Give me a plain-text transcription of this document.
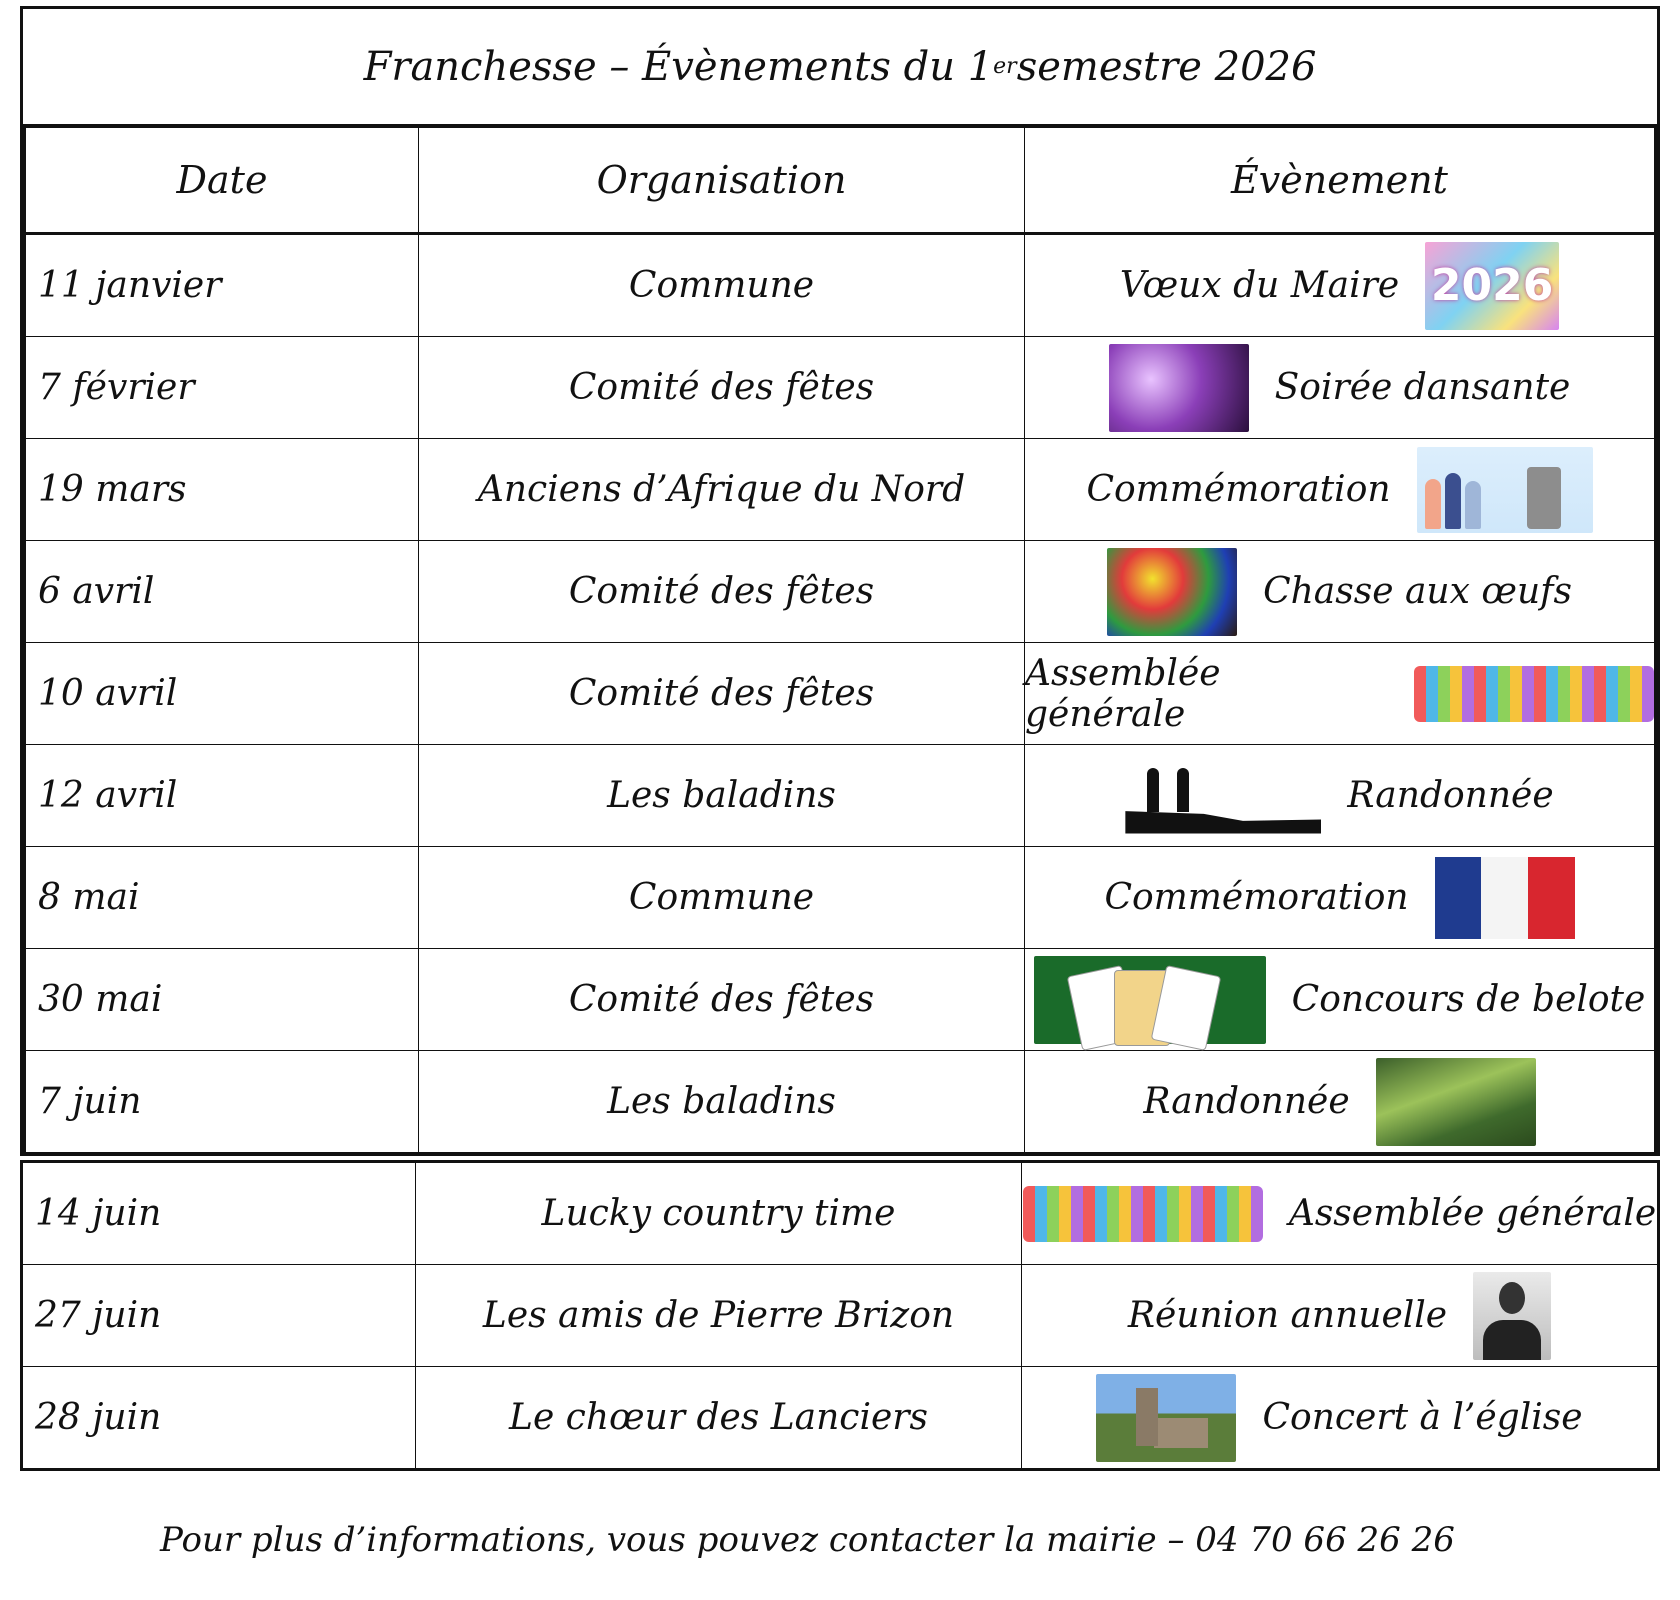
Franchesse – Évènements du 1 er semestre 2026
Date	Organisation	Évènement
11 janvier	Commune	Vœux du Maire 2026

7 février	Comité des fêtes	Soirée dansante

19 mars	Anciens d’Afrique du Nord	Commémoration

6 avril	Comité des fêtes	Chasse aux œufs

10 avril	Comité des fêtes	Assemblée générale

12 avril	Les baladins	Randonnée

8 mai	Commune	Commémoration

30 mai	Comité des fêtes	Concours de belote

7 juin	Les baladins	Randonnée
14 juin	Lucky country time	Assemblée générale

27 juin	Les amis de Pierre Brizon	Réunion annuelle

28 juin	Le chœur des Lanciers	Concert à l’église
Pour plus d’informations, vous pouvez contacter la mairie – 04 70 66 26 26
